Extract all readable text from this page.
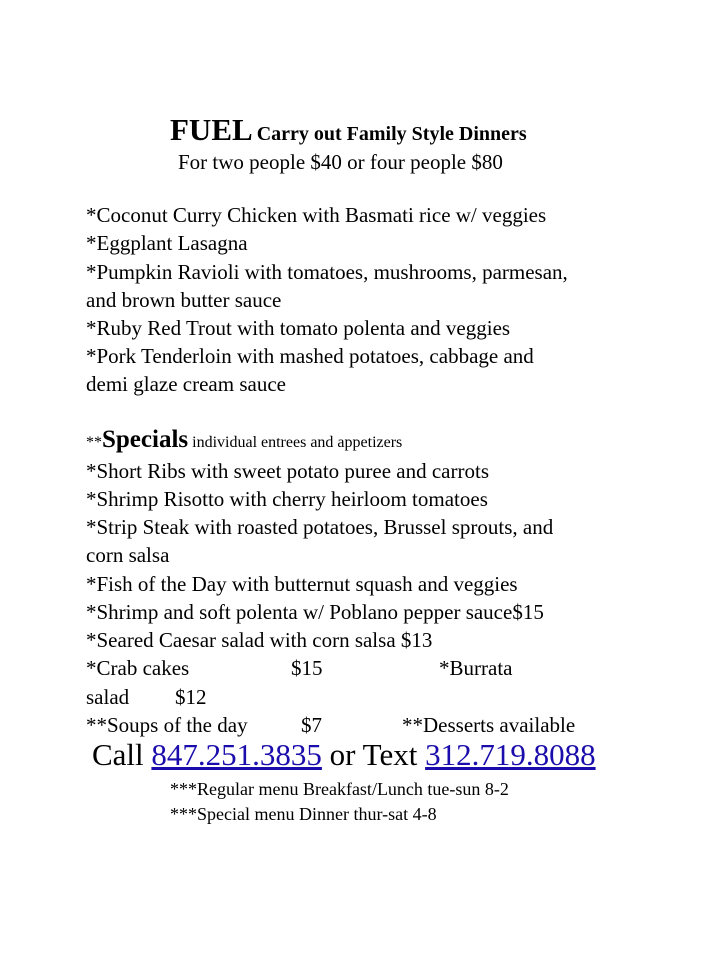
FUEL Carry out Family Style Dinners
For two people $40 or four people $80
*Coconut Curry Chicken with Basmati rice w/ veggies
*Eggplant Lasagna
*Pumpkin Ravioli with tomatoes, mushrooms, parmesan,
and brown butter sauce
*Ruby Red Trout with tomato polenta and veggies
*Pork Tenderloin with mashed potatoes, cabbage and
demi glaze cream sauce
**Specials individual entrees and appetizers
*Short Ribs with sweet potato puree and carrots
*Shrimp Risotto with cherry heirloom tomatoes
*Strip Steak with roasted potatoes, Brussel sprouts, and
corn salsa
*Fish of the Day with butternut squash and veggies
*Shrimp and soft polenta w/ Poblano pepper sauce$15
*Seared Caesar salad with corn salsa $13
*Crab cakes	$15	*Burrata
salad $12
**Soups of the day	$7	**Desserts available
Call 847.251.3835 or Text 312.719.8088
***Regular menu Breakfast/Lunch tue-sun 8-2
***Special menu Dinner thur-sat 4-8
